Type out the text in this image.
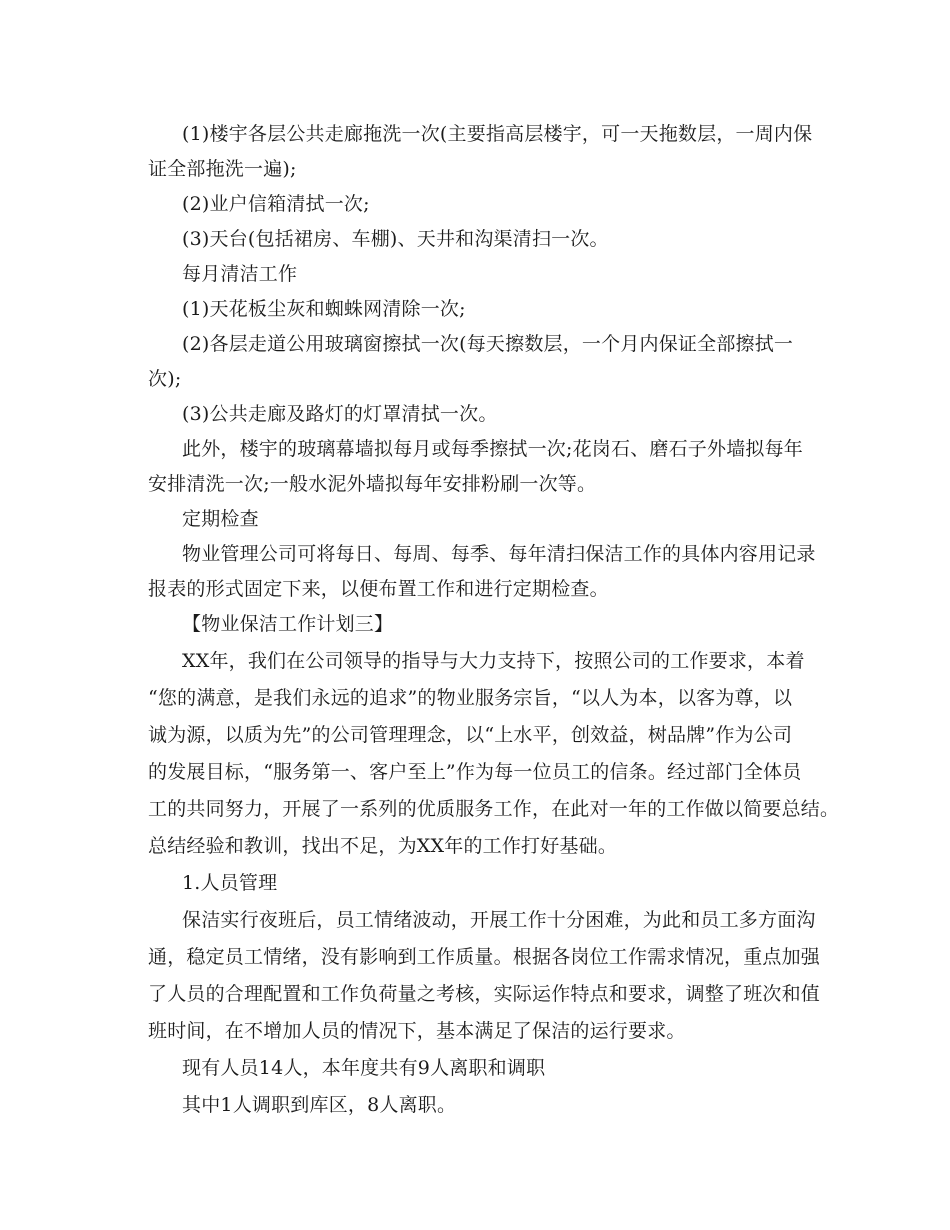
(1)楼宇各层公共走廊拖洗一次(主要指高层楼宇，可一天拖数层，一周内保
证全部拖洗一遍);
(2)业户信箱清拭一次;
(3)天台(包括裙房、车棚)、天井和沟渠清扫一次。
每月清洁工作
(1)天花板尘灰和蜘蛛网清除一次;
(2)各层走道公用玻璃窗擦拭一次(每天擦数层，一个月内保证全部擦拭一
次);
(3)公共走廊及路灯的灯罩清拭一次。
此外，楼宇的玻璃幕墙拟每月或每季擦拭一次;花岗石、磨石子外墙拟每年
安排清洗一次;一般水泥外墙拟每年安排粉刷一次等。
定期检查
物业管理公司可将每日、每周、每季、每年清扫保洁工作的具体内容用记录
报表的形式固定下来，以便布置工作和进行定期检查。
【物业保洁工作计划三】
XX年，我们在公司领导的指导与大力支持下，按照公司的工作要求，本着
“您的满意，是我们永远的追求”的物业服务宗旨，“以人为本，以客为尊，以
诚为源，以质为先”的公司管理理念，以“上水平，创效益，树品牌”作为公司
的发展目标，“服务第一、客户至上”作为每一位员工的信条。经过部门全体员
工的共同努力，开展了一系列的优质服务工作，在此对一年的工作做以简要总结。
总结经验和教训，找出不足，为XX年的工作打好基础。
1.人员管理
保洁实行夜班后，员工情绪波动，开展工作十分困难，为此和员工多方面沟
通，稳定员工情绪，没有影响到工作质量。根据各岗位工作需求情况，重点加强
了人员的合理配置和工作负荷量之考核，实际运作特点和要求，调整了班次和值
班时间，在不增加人员的情况下，基本满足了保洁的运行要求。
现有人员14人，本年度共有9人离职和调职
其中1人调职到库区，8人离职。
